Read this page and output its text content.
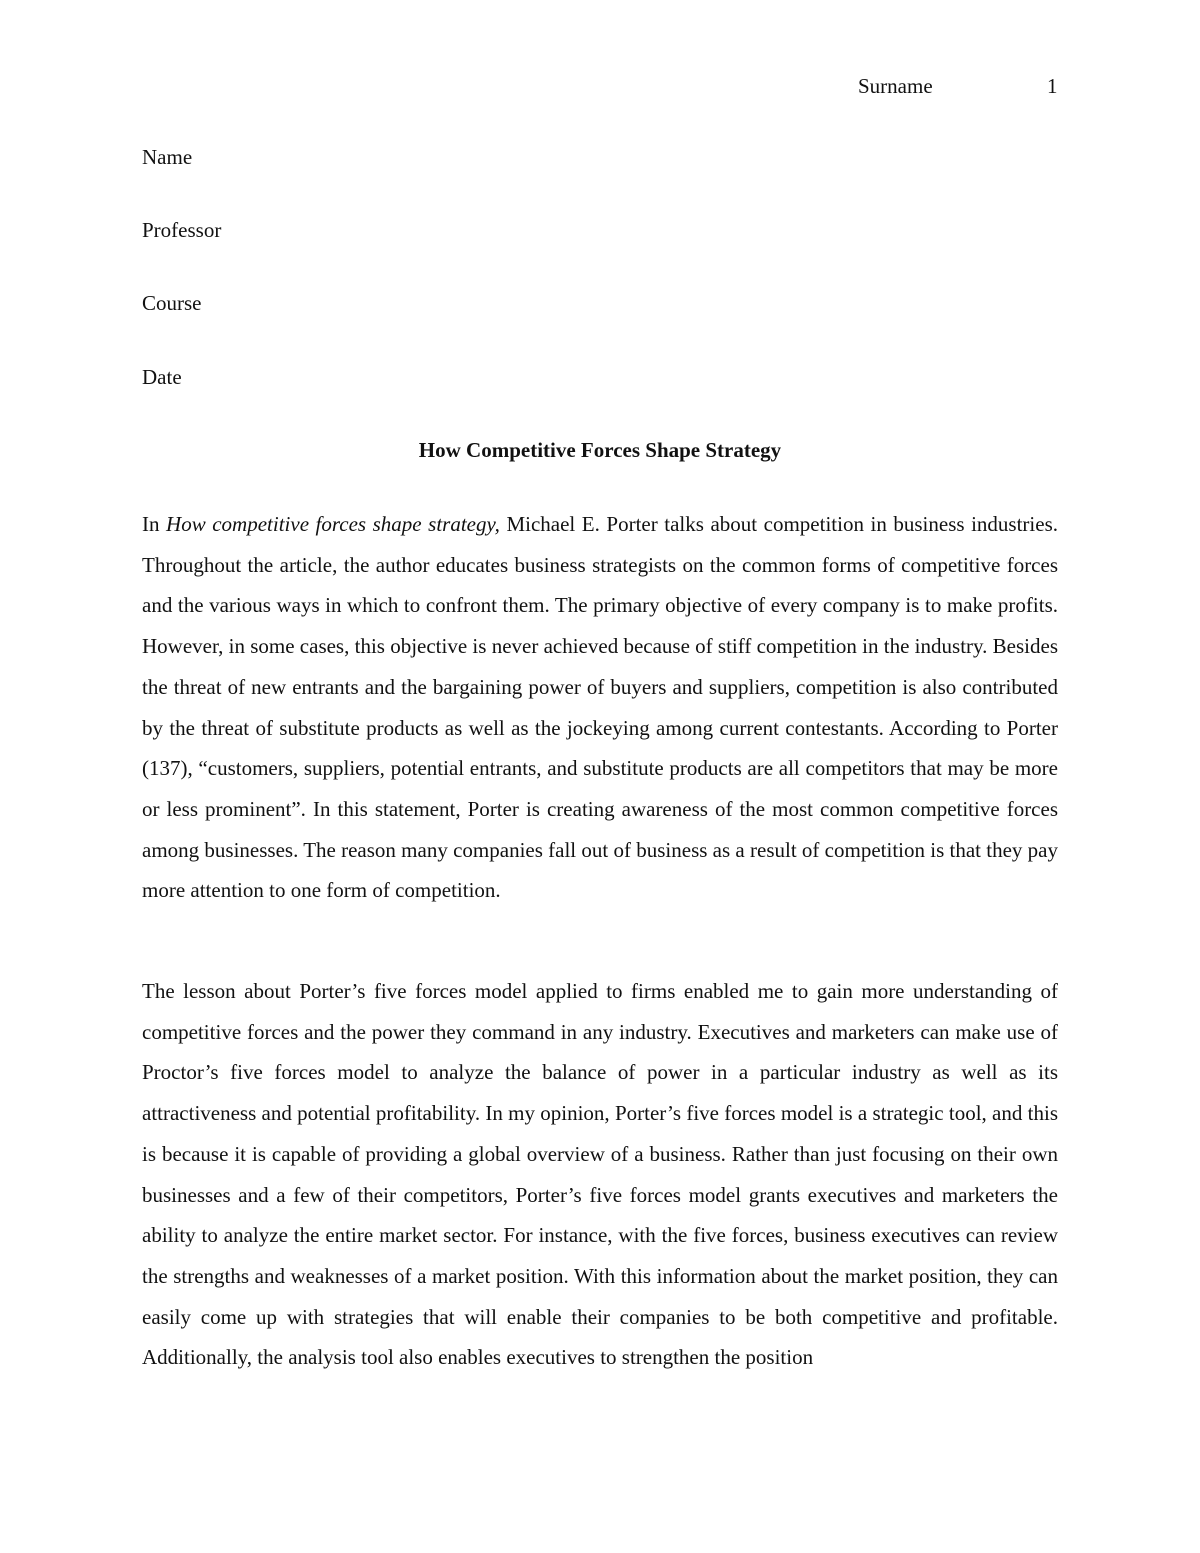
Surname	1
Name
Professor
Course
Date
How Competitive Forces Shape Strategy

In How competitive forces shape strategy, Michael E. Porter talks about competition in business industries. Throughout the article, the author educates business strategists on the common forms of competitive forces and the various ways in which to confront them. The primary objective of every company is to make profits. However, in some cases, this objective is never achieved because of stiff competition in the industry. Besides the threat of new entrants and the bargaining power of buyers and suppliers, competition is also contributed by the threat of substitute products as well as the jockeying among current contestants. According to Porter (137), “customers, suppliers, potential entrants, and substitute products are all competitors that may be more or less prominent”. In this statement, Porter is creating awareness of the most common competitive forces among businesses. The reason many companies fall out of business as a result of competition is that they pay more attention to one form of competition.

The lesson about Porter’s five forces model applied to firms enabled me to gain more understanding of competitive forces and the power they command in any industry. Executives and marketers can make use of Proctor’s five forces model to analyze the balance of power in a particular industry as well as its attractiveness and potential profitability. In my opinion, Porter’s five forces model is a strategic tool, and this is because it is capable of providing a global overview of a business. Rather than just focusing on their own businesses and a few of their competitors, Porter’s five forces model grants executives and marketers the ability to analyze the entire market sector. For instance, with the five forces, business executives can review the strengths and weaknesses of a market position. With this information about the market position, they can easily come up with strategies that will enable their companies to be both competitive and profitable. Additionally, the analysis tool also enables executives to strengthen the position
